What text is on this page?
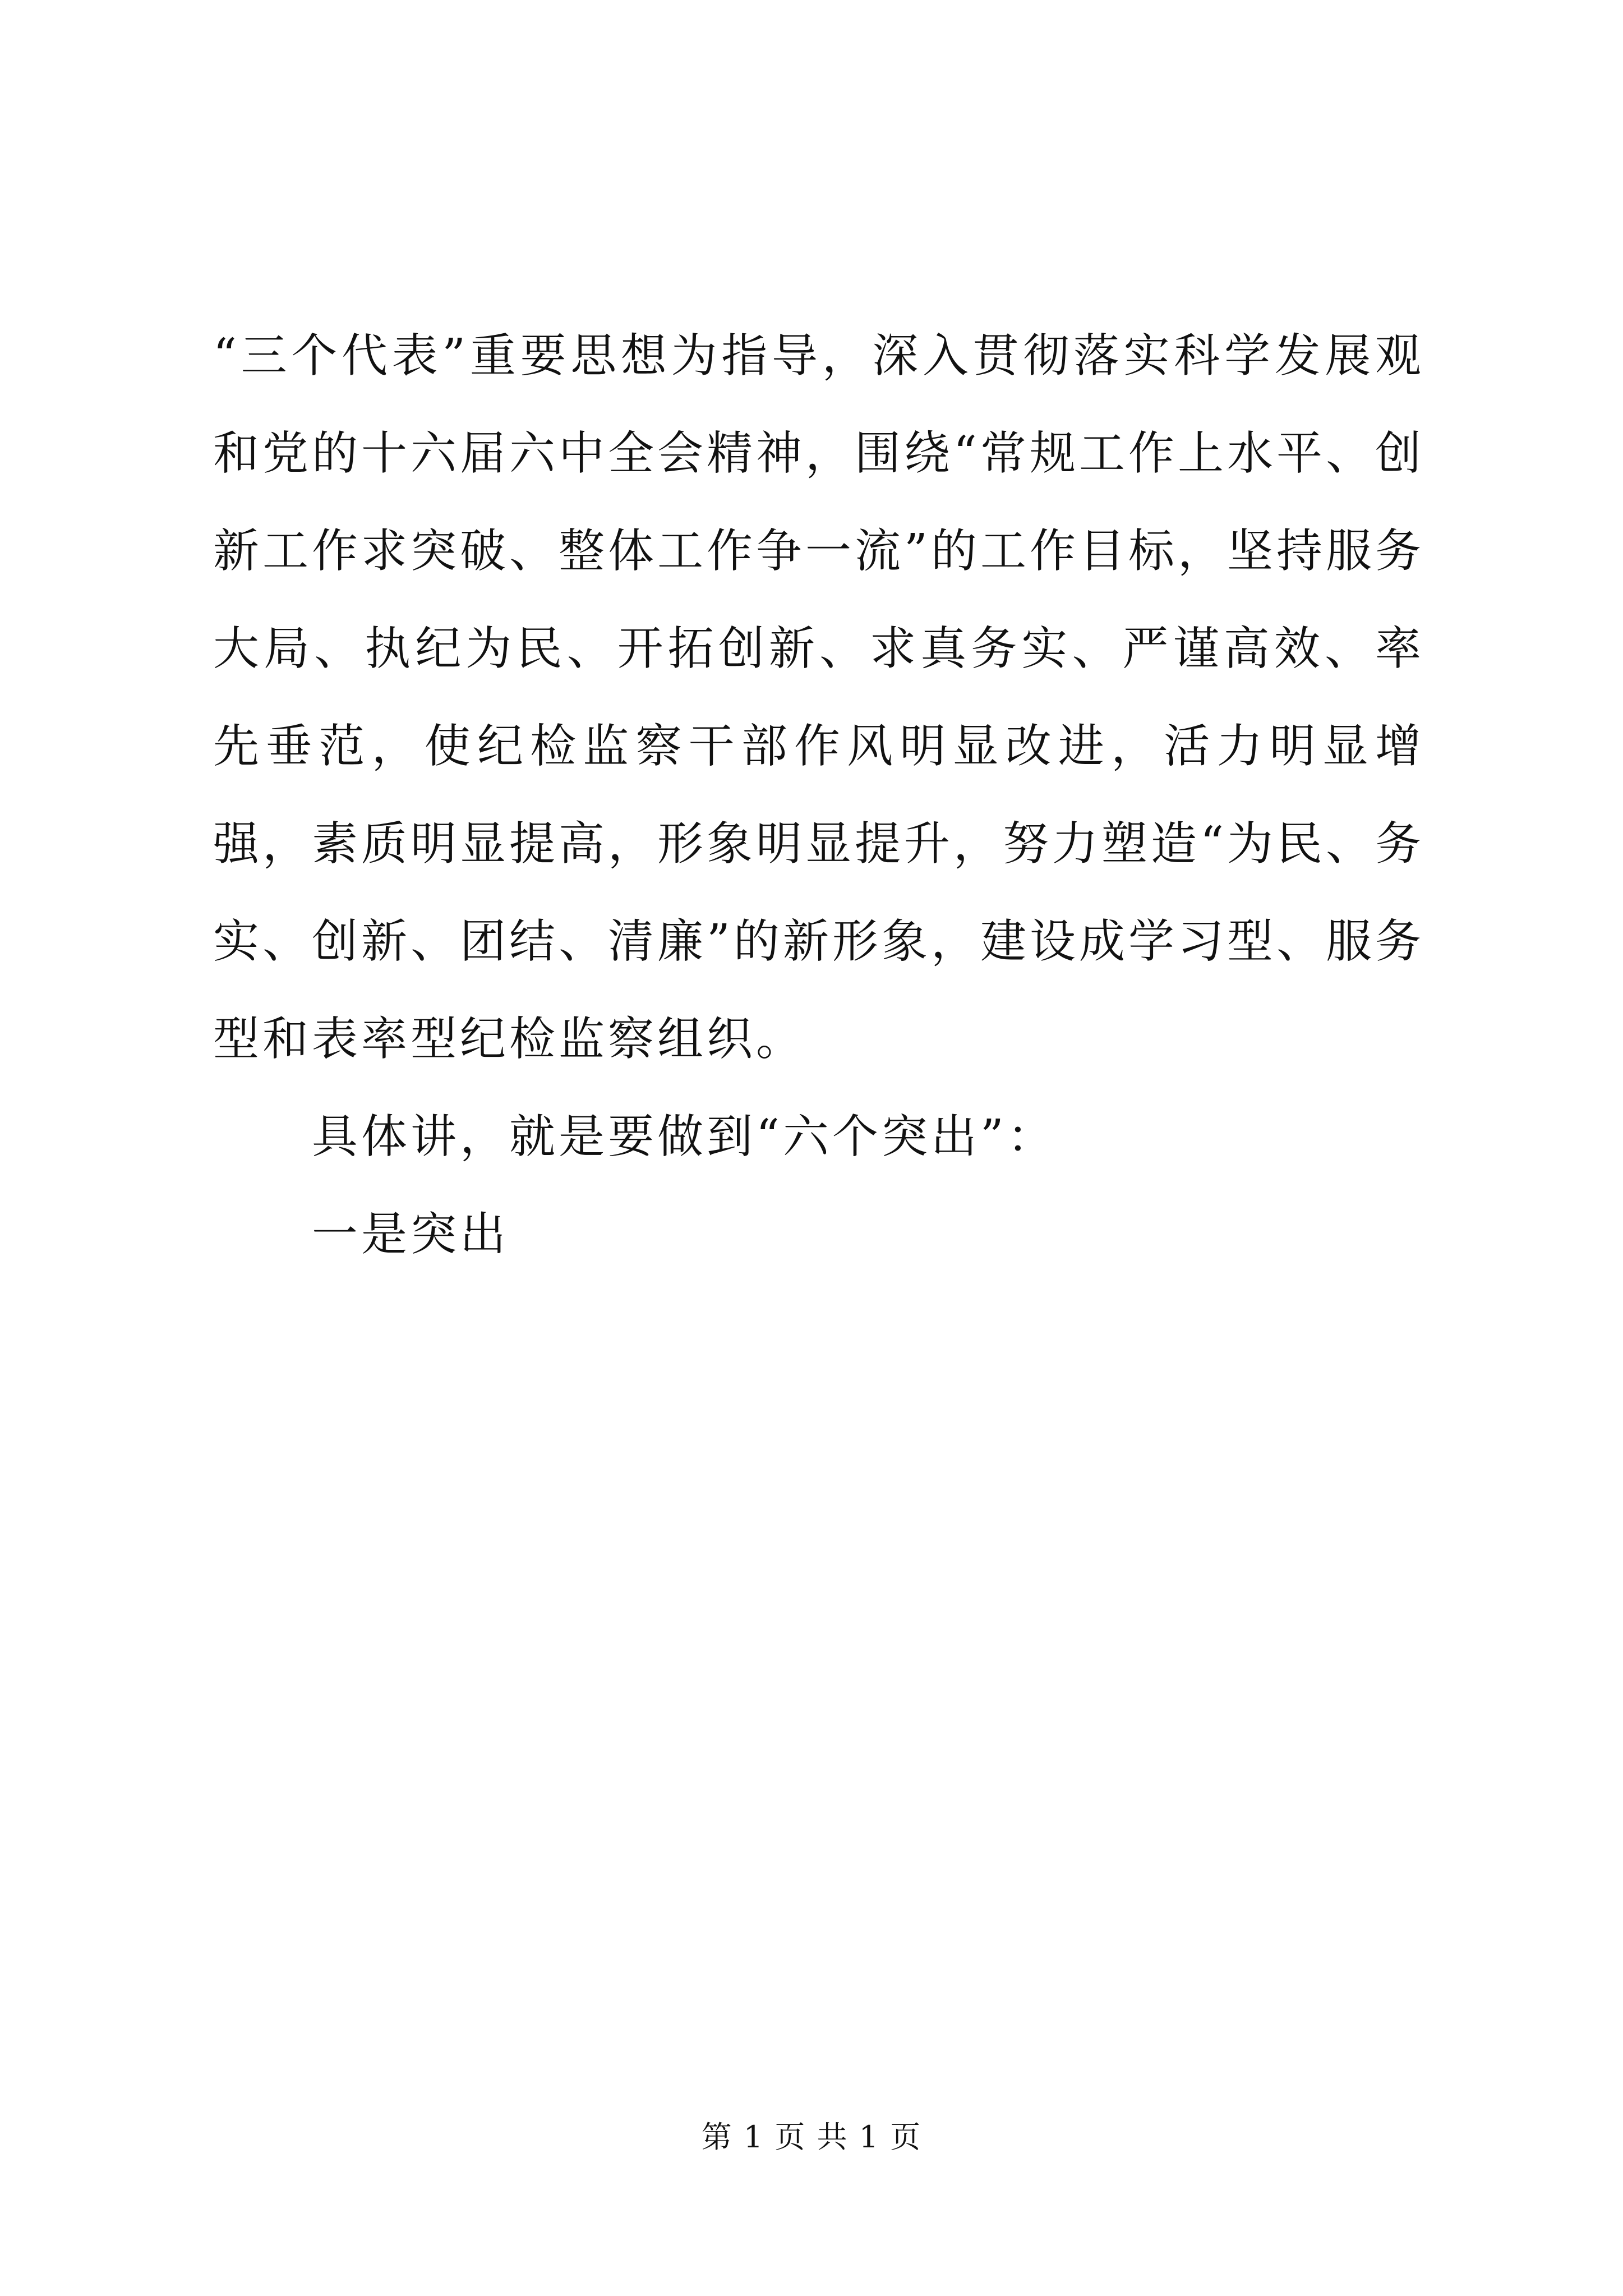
“三个代表”重要思想为指导，深入贯彻落实科学发展观和党的十六届六中全会精神，围绕“常规工作上水平、创新工作求突破、整体工作争一流”的工作目标，坚持服务大局、执纪为民、开拓创新、求真务实、严谨高效、率先垂范，使纪检监察干部作风明显改进，活力明显增强，素质明显提高，形象明显提升，努力塑造“为民、务实、创新、团结、清廉”的新形象，建设成学习型、服务型和表率型纪检监察组织。

具体讲，就是要做到“六个突出”：

一是突出

第 1 页 共 1 页
